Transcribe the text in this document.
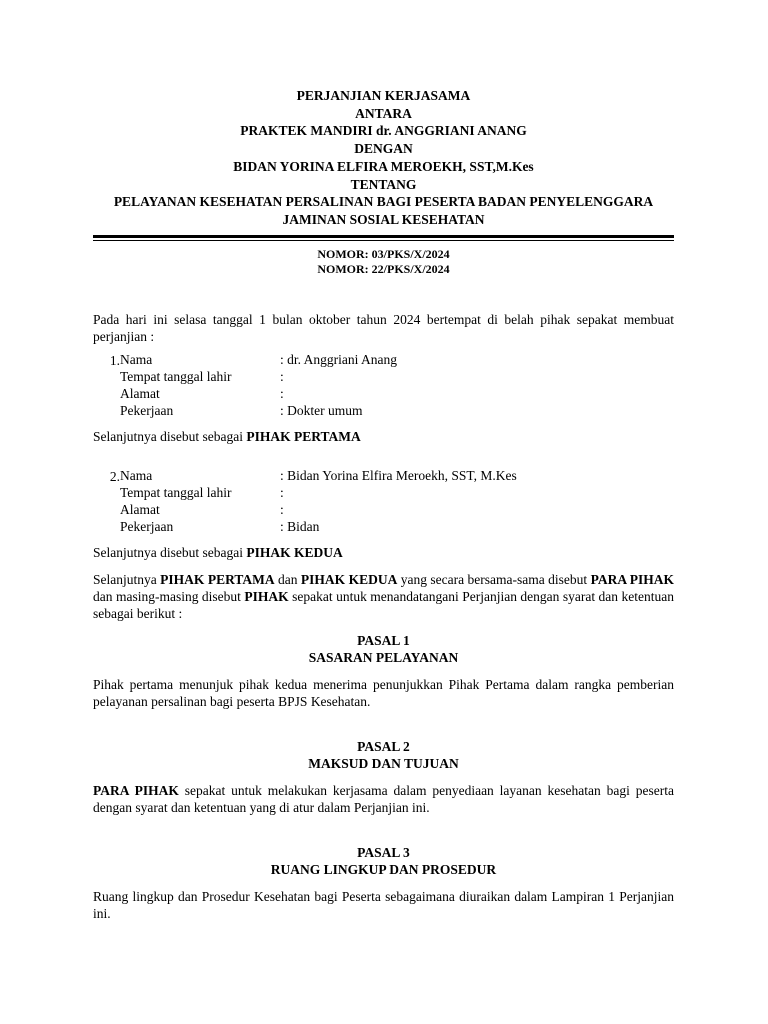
PERJANJIAN KERJASAMA
ANTARA
PRAKTEK MANDIRI dr. ANGGRIANI ANANG
DENGAN
BIDAN YORINA ELFIRA MEROEKH, SST,M.Kes
TENTANG
PELAYANAN KESEHATAN PERSALINAN BAGI PESERTA BADAN PENYELENGGARA
JAMINAN SOSIAL KESEHATAN
NOMOR: 03/PKS/X/2024
NOMOR: 22/PKS/X/2024

Pada hari ini selasa tanggal 1 bulan oktober tahun 2024 bertempat di belah pihak sepakat membuat perjanjian :

1. Nama	: dr. Anggriani Anang
Tempat tanggal lahir	:
Alamat	:
Pekerjaan	: Dokter umum

Selanjutnya disebut sebagai PIHAK PERTAMA

2. Nama	: Bidan Yorina Elfira Meroekh, SST, M.Kes
Tempat tanggal lahir	:
Alamat	:
Pekerjaan	: Bidan

Selanjutnya disebut sebagai PIHAK KEDUA

Selanjutnya PIHAK PERTAMA dan PIHAK KEDUA yang secara bersama-sama disebut PARA PIHAK dan masing-masing disebut PIHAK sepakat untuk menandatangani Perjanjian dengan syarat dan ketentuan sebagai berikut :

PASAL 1
SASARAN PELAYANAN

Pihak pertama menunjuk pihak kedua menerima penunjukkan Pihak Pertama dalam rangka pemberian pelayanan persalinan bagi peserta BPJS Kesehatan.

PASAL 2
MAKSUD DAN TUJUAN

PARA PIHAK sepakat untuk melakukan kerjasama dalam penyediaan layanan kesehatan bagi peserta dengan syarat dan ketentuan yang di atur dalam Perjanjian ini.

PASAL 3
RUANG LINGKUP DAN PROSEDUR

Ruang lingkup dan Prosedur Kesehatan bagi Peserta sebagaimana diuraikan dalam Lampiran 1 Perjanjian ini.
